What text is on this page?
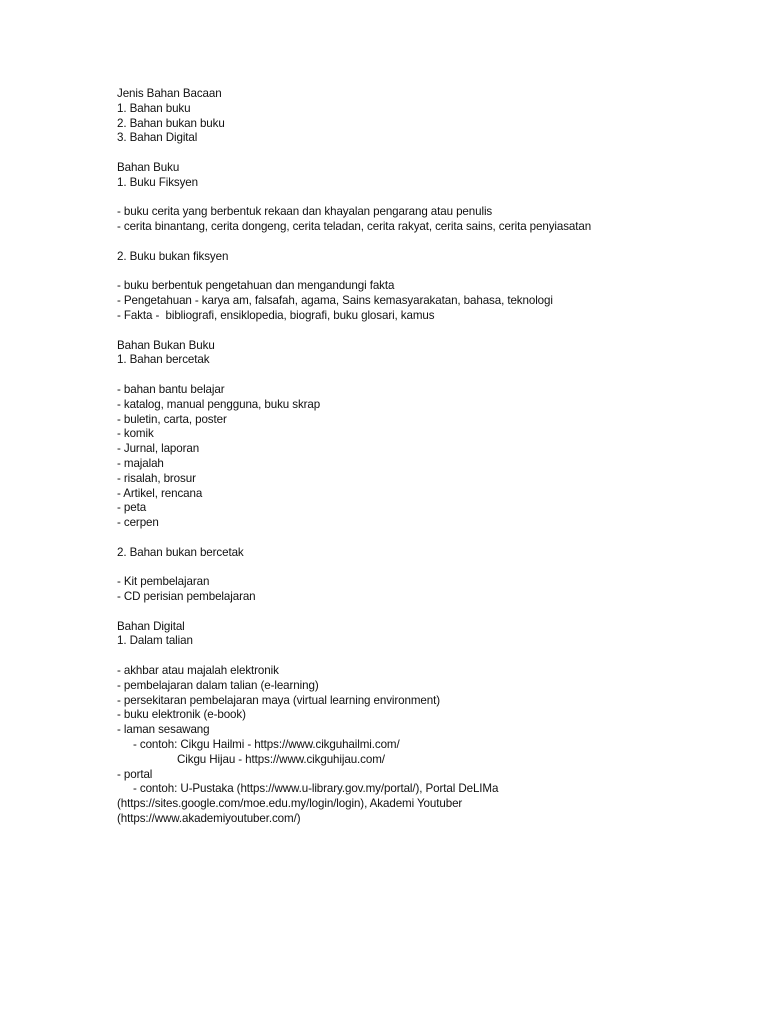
Jenis Bahan Bacaan
1. Bahan buku
2. Bahan bukan buku
3. Bahan Digital
Bahan Buku
1. Buku Fiksyen
- buku cerita yang berbentuk rekaan dan khayalan pengarang atau penulis
- cerita binantang, cerita dongeng, cerita teladan, cerita rakyat, cerita sains, cerita penyiasatan
2. Buku bukan fiksyen
- buku berbentuk pengetahuan dan mengandungi fakta
- Pengetahuan - karya am, falsafah, agama, Sains kemasyarakatan, bahasa, teknologi
- Fakta -  bibliografi, ensiklopedia, biografi, buku glosari, kamus
Bahan Bukan Buku
1. Bahan bercetak
- bahan bantu belajar
- katalog, manual pengguna, buku skrap
- buletin, carta, poster
- komik
- Jurnal, laporan
- majalah
- risalah, brosur
- Artikel, rencana
- peta
- cerpen
2. Bahan bukan bercetak
- Kit pembelajaran
- CD perisian pembelajaran
Bahan Digital
1. Dalam talian
- akhbar atau majalah elektronik
- pembelajaran dalam talian (e-learning)
- persekitaran pembelajaran maya (virtual learning environment)
- buku elektronik (e-book)
- laman sesawang
- contoh: Cikgu Hailmi - https://www.cikguhailmi.com/
Cikgu Hijau - https://www.cikguhijau.com/
- portal
- contoh: U-Pustaka (https://www.u-library.gov.my/portal/), Portal DeLIMa
(https://sites.google.com/moe.edu.my/login/login), Akademi Youtuber
(https://www.akademiyoutuber.com/)
